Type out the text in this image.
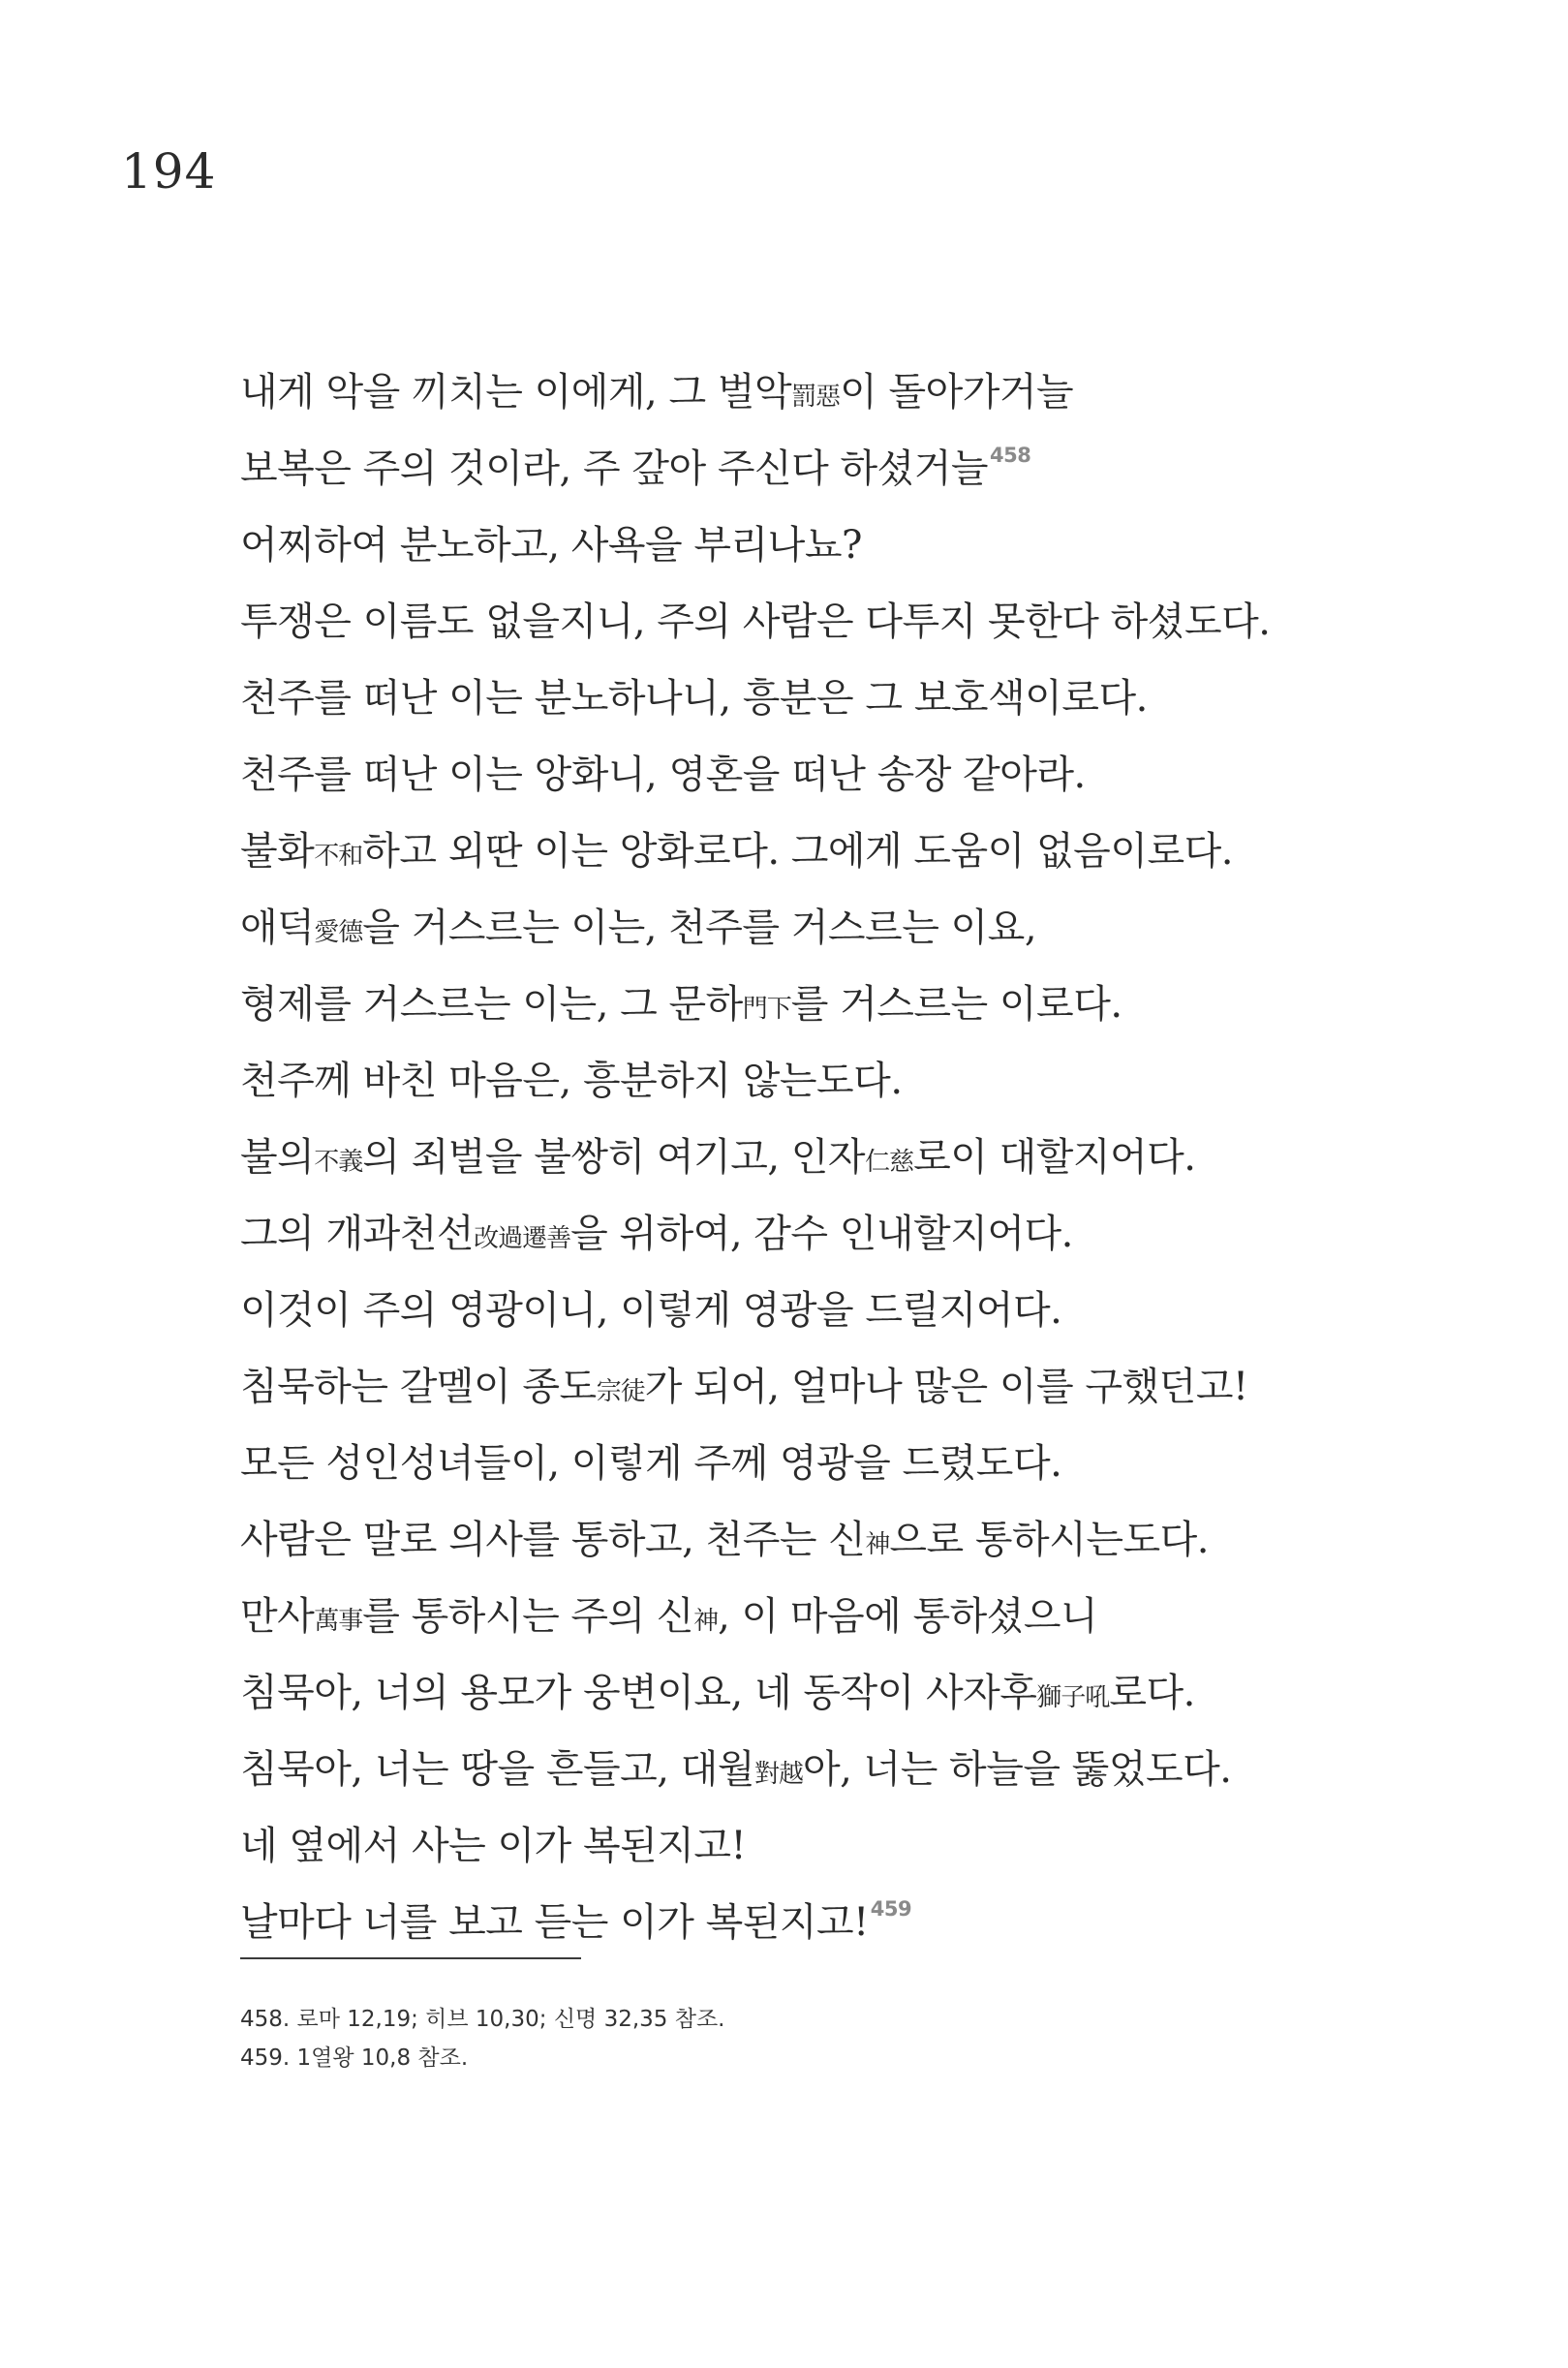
194
내게 악을 끼치는 이에게, 그 벌악罰惡이 돌아가거늘
보복은 주의 것이라, 주 갚아 주신다 하셨거늘$^{458}$
어찌하여 분노하고, 사욕을 부리나뇨?
투쟁은 이름도 없을지니, 주의 사람은 다투지 못한다 하셨도다.
천주를 떠난 이는 분노하나니, 흥분은 그 보호색이로다.
천주를 떠난 이는 앙화니, 영혼을 떠난 송장 같아라.
불화不和하고 외딴 이는 앙화로다. 그에게 도움이 없음이로다.
애덕愛德을 거스르는 이는, 천주를 거스르는 이요,
형제를 거스르는 이는, 그 문하門下를 거스르는 이로다.
천주께 바친 마음은, 흥분하지 않는도다.
불의不義의 죄벌을 불쌍히 여기고, 인자仁慈로이 대할지어다.
그의 개과천선改過遷善을 위하여, 감수 인내할지어다.
이것이 주의 영광이니, 이렇게 영광을 드릴지어다.
침묵하는 갈멜이 종도宗徒가 되어, 얼마나 많은 이를 구했던고!
모든 성인성녀들이, 이렇게 주께 영광을 드렸도다.
사람은 말로 의사를 통하고, 천주는 신神으로 통하시는도다.
만사萬事를 통하시는 주의 신神, 이 마음에 통하셨으니
침묵아, 너의 용모가 웅변이요, 네 동작이 사자후獅子吼로다.
침묵아, 너는 땅을 흔들고, 대월對越아, 너는 하늘을 뚫었도다.
네 옆에서 사는 이가 복된지고!
날마다 너를 보고 듣는 이가 복된지고!$^{459}$
458. 로마 12,19; 히브 10,30; 신명 32,35 참조.
459. 1열왕 10,8 참조.
